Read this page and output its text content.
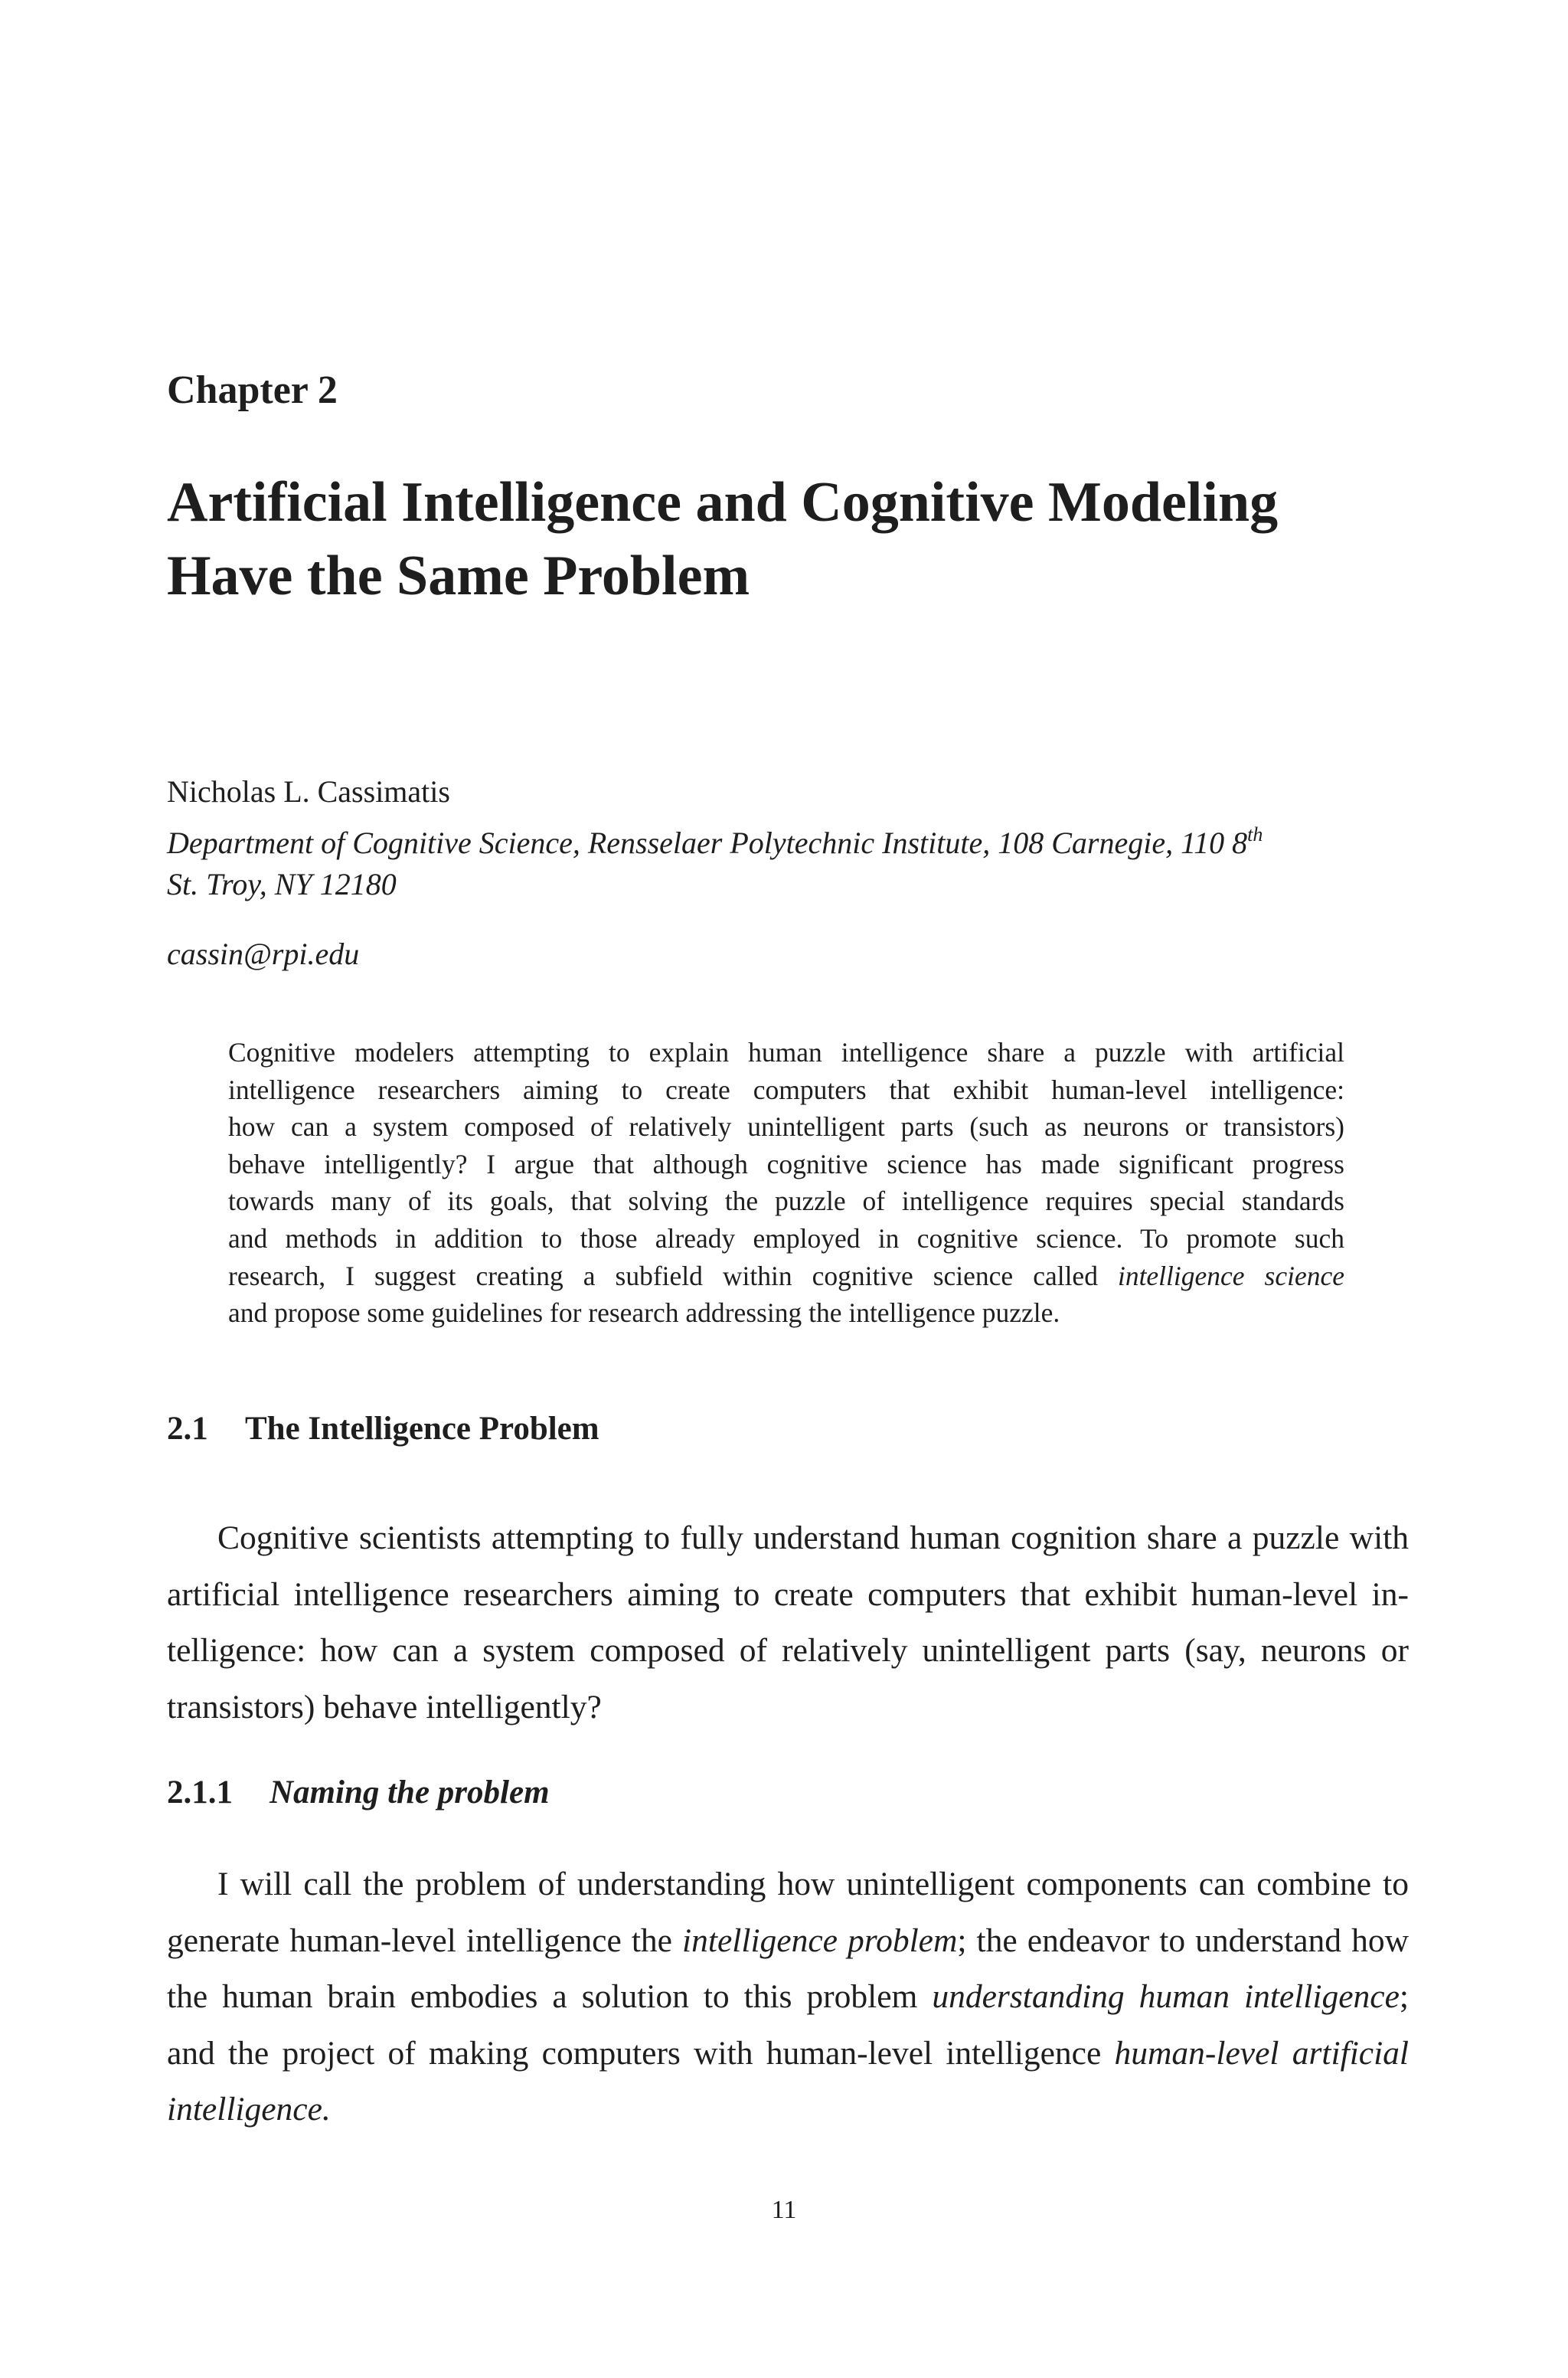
Chapter 2
Artificial Intelligence and Cognitive Modeling
Have the Same Problem
Nicholas L. Cassimatis
Department of Cognitive Science, Rensselaer Polytechnic Institute, 108 Carnegie, 110 8th
St. Troy, NY 12180
cassin@rpi.edu
Cognitive modelers attempting to explain human intelligence share a puzzle with artificial
intelligence researchers aiming to create computers that exhibit human-level intelligence:
how can a system composed of relatively unintelligent parts (such as neurons or transistors)
behave intelligently? I argue that although cognitive science has made significant progress
towards many of its goals, that solving the puzzle of intelligence requires special standards
and methods in addition to those already employed in cognitive science. To promote such
research, I suggest creating a subfield within cognitive science called intelligence science
and propose some guidelines for research addressing the intelligence puzzle.
2.1 The Intelligence Problem
Cognitive scientists attempting to fully understand human cognition share a puzzle with
artificial intelligence researchers aiming to create computers that exhibit human-level in-
telligence: how can a system composed of relatively unintelligent parts (say, neurons or
transistors) behave intelligently?
2.1.1 Naming the problem
I will call the problem of understanding how unintelligent components can combine to
generate human-level intelligence the intelligence problem; the endeavor to understand how
the human brain embodies a solution to this problem understanding human intelligence;
and the project of making computers with human-level intelligence human-level artificial
intelligence.
11
